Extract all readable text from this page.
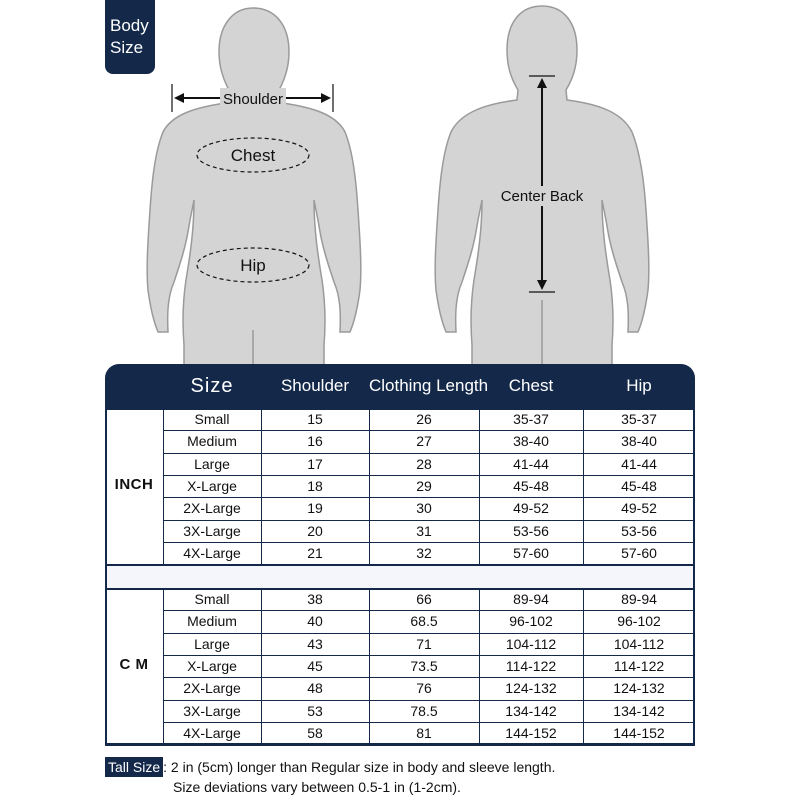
Body
Size
Shoulder
Chest
Hip
Center Back
Size	Shoulder	Clothing Length	Chest	Hip
INCH
Small	15	26	35-37	35-37
Medium	16	27	38-40	38-40
Large	17	28	41-44	41-44
X-Large	18	29	45-48	45-48
2X-Large	19	30	49-52	49-52
3X-Large	20	31	53-56	53-56
4X-Large	21	32	57-60	57-60
C M
Small	38	66	89-94	89-94
Medium	40	68.5	96-102	96-102
Large	43	71	104-112	104-112
X-Large	45	73.5	114-122	114-122
2X-Large	48	76	124-132	124-132
3X-Large	53	78.5	134-142	134-142
4X-Large	58	81	144-152	144-152
Tall Size : 2 in (5cm) longer than Regular size in body and sleeve length.
Size deviations vary between 0.5-1 in (1-2cm).
